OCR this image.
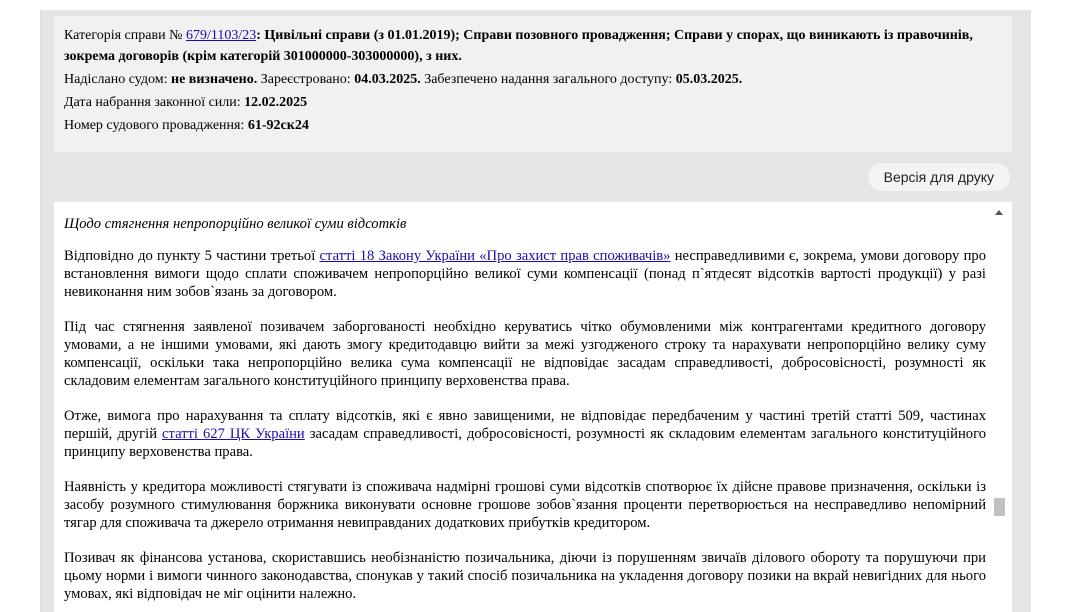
Категорія справи № 679/1103/23: Цивільні справи (з 01.01.2019); Справи позовного провадження; Справи у спорах, що виникають із правочинів, зокрема договорів (крім категорій 301000000-303000000), з них.
Надіслано судом: не визначено. Зареєстровано: 04.03.2025. Забезпечено надання загального доступу: 05.03.2025.
Дата набрання законної сили: 12.02.2025
Номер судового провадження: 61-92ск24
Версія для друку
Щодо стягнення непропорційно великої суми відсотків

Відповідно до пункту 5 частини третьої статті 18 Закону України «Про захист прав споживачів» несправедливими є, зокрема, умови договору про встановлення вимоги щодо сплати споживачем непропорційно великої суми компенсації (понад п`ятдесят відсотків вартості продукції) у разі невиконання ним зобов`язань за договором.

Під час стягнення заявленої позивачем заборгованості необхідно керуватись чітко обумовленими між контрагентами кредитного договору умовами, а не іншими умовами, які дають змогу кредитодавцю вийти за межі узгодженого строку та нарахувати непропорційно велику суму компенсації, оскільки така непропорційно велика сума компенсації не відповідає засадам справедливості, добросовісності, розумності як складовим елементам загального конституційного принципу верховенства права.

Отже, вимога про нарахування та сплату відсотків, які є явно завищеними, не відповідає передбаченим у частині третій статті 509, частинах першій, другій статті 627 ЦК України засадам справедливості, добросовісності, розумності як складовим елементам загального конституційного принципу верховенства права.

Наявність у кредитора можливості стягувати із споживача надмірні грошові суми відсотків спотворює їх дійсне правове призначення, оскільки із засобу розумного стимулювання боржника виконувати основне грошове зобов`язання проценти перетворюється на несправедливо непомірний тягар для споживача та джерело отримання невиправданих додаткових прибутків кредитором.

Позивач як фінансова установа, скориставшись необізнаністю позичальника, діючи із порушенням звичаїв ділового обороту та порушуючи при цьому норми і вимоги чинного законодавства, спонукав у такий спосіб позичальника на укладення договору позики на вкрай невигідних для нього умовах, які відповідач не міг оцінити належно.
